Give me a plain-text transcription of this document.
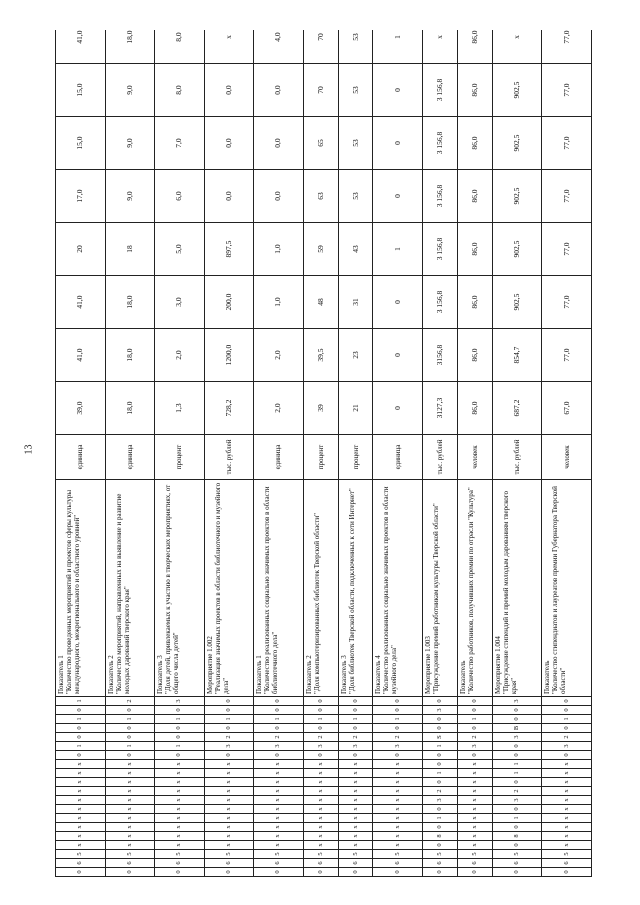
13
0	6	5	x	x	x	x	x	x	x	x	x	x	0	1	0	0	1	0	1	Показатель 1 "Количество проведенных мероприятий и проектов сферы культуры международного, межрегионального и областного уровней"	единица	39,0	41,0	41,0	20	17,0	15,0	15,0	41,0
0	6	5	x	x	x	x	x	x	x	x	x	x	0	1	0	0	1	0	2	Показатель 2 "Количество мероприятий, направленных на выявление и развитие молодых дарований тверского края"	единица	18,0	18,0	18,0	18	9,0	9,0	9,0	18,0
0	6	5	x	x	x	x	x	x	x	x	x	x	0	1	0	0	1	0	3	Показатель 3 "Доля детей, привлекаемых к участию в творческих мероприятиях, от общего числа детей"	процент	1,3	2,0	3,0	5,0	6,0	7,0	8,0	8,0
0	6	5	x	x	x	x	x	x	x	x	x	x	0	3	2	0	1	0	0	Мероприятие 1.002 "Реализация значимых проектов в области библиотечного и музейного дела"	тыс. рублей	728,2	1200,0	200,0	897,5	0,0	0,0	0,0	x
0	6	5	x	x	x	x	x	x	x	x	x	x	0	3	2	0	1	0	0	Показатель 1 "Количество реализованных социально значимых проектов в области библиотечного дела"	единица	2,0	2,0	1,0	1,0	0,0	0,0	0,0	4,0
0	6	5	x	x	x	x	x	x	x	x	x	x	0	3	2	0	1	0	0	Показатель 2 "Доля компьютеризированных библиотек Тверской области"	процент	39	39,5	48	59	63	65	70	70
0	6	5	x	x	x	x	x	x	x	x	x	x	0	3	2	0	1	0	0	Показатель 3 "Доля библиотек Тверской области, подключенных к сети Интернет"	процент	21	23	31	43	53	53	53	53
0	6	5	x	x	x	x	x	x	x	x	x	x	0	3	2	0	1	0	0	Показатель 4 "Количество реализованных социально значимых проектов в области музейного дела"	единица	0	0	0	1	0	0	0	1
0	6	5	0	8	0	1	0	3	2	0	1	0	0	1	S	0	0	3	0	Мероприятие 1.003 "Присуждение премий работникам культуры Тверской области"	тыс. рублей	3127,3	3156,8	3 156,8	3 156,8	3 156,8	3 156,8	3 156,8	x
0	6	5	x	x	x	x	x	x	x	x	x	x	0	3	2	0	1	0	0	Показатель "Количество работников, получивших премии по отрасли "Культура"	человек	86,0	86,0	86,0	86,0	86,0	86,0	86,0	86,0
0	6	5	0	8	0	1	0	3	2	0	1	1	0	0	3	B	0	0	3	Мероприятие 1.004 "Присуждение стипендий и премий молодым дарованиям тверского края"	тыс. рублей	687,2	854,7	902,5	902,5	902,5	902,5	902,5	x
0	6	5	x	x	x	x	x	x	x	x	x	x	0	3	2	0	1	0	0	Показатель "Количество стипендиатов и лауреатов премии Губернатора Тверской области"	человек	67,0	77,0	77,0	77,0	77,0	77,0	77,0	77,0
